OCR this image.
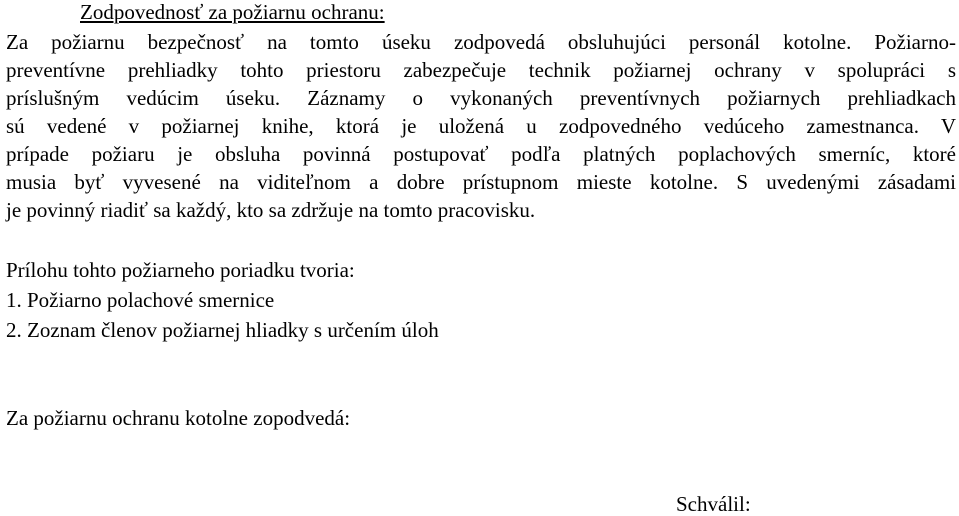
Zodpovednosť za požiarnu ochranu:
Za požiarnu bezpečnosť na tomto úseku zodpovedá obsluhujúci personál kotolne. Požiarno-
preventívne prehliadky tohto priestoru zabezpečuje technik požiarnej ochrany v spolupráci s
príslušným vedúcim úseku. Záznamy o vykonaných preventívnych požiarnych prehliadkach
sú vedené v požiarnej knihe, ktorá je uložená u zodpovedného vedúceho zamestnanca. V
prípade požiaru je obsluha povinná postupovať podľa platných poplachových smerníc, ktoré
musia byť vyvesené na viditeľnom a dobre prístupnom mieste kotolne. S uvedenými zásadami
je povinný riadiť sa každý, kto sa zdržuje na tomto pracovisku.
Prílohu tohto požiarneho poriadku tvoria:
1. Požiarno polachové smernice
2. Zoznam členov požiarnej hliadky s určením úloh
Za požiarnu ochranu kotolne zopodvedá:
Schválil:
